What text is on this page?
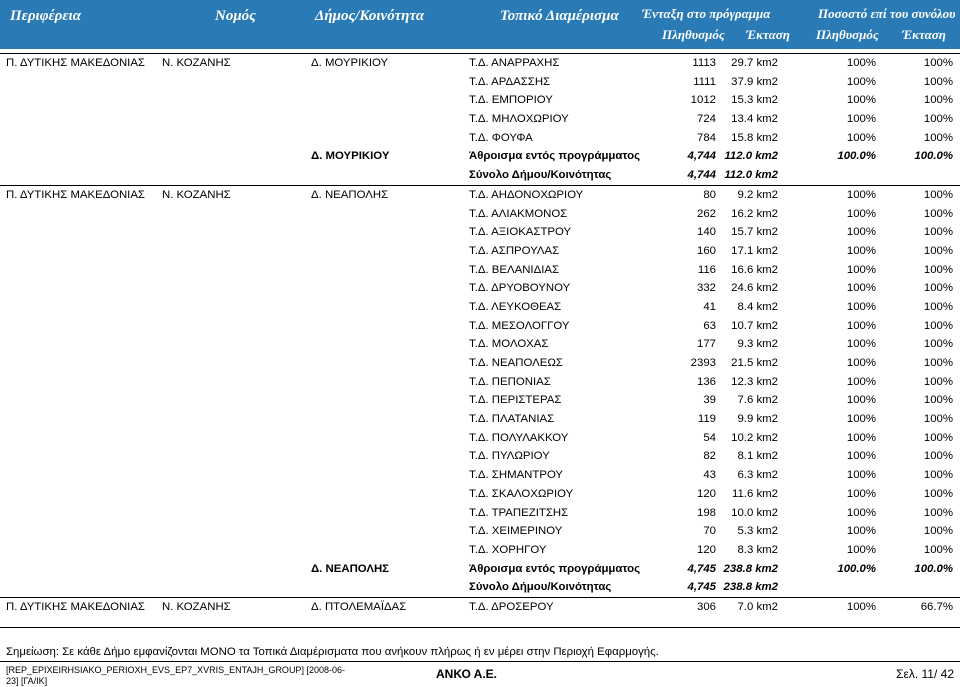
Περιφέρεια	Νομός	Δήμος/Κοινότητα	Τοπικό Διαμέρισμα Ένταξη στο πρόγραμμα	Ποσοστό επί του συνόλου
Πληθυσμός Έκταση Πληθυσμός Έκταση
Π. ΔΥΤΙΚΗΣ ΜΑΚΕΔΟΝΙΑΣ Ν. ΚΟΖΑΝΗΣ	Δ. ΜΟΥΡΙΚΙΟΥ	Τ.Δ. ΑΝΑΡΡΑΧΗΣ	1113 29.7 km2	100%	100%
Τ.Δ. ΑΡΔΑΣΣΗΣ	1111 37.9 km2	100%	100%
Τ.Δ. ΕΜΠΟΡΙΟΥ	1012 15.3 km2	100%	100%
Τ.Δ. ΜΗΛΟΧΩΡΙΟΥ	724 13.4 km2	100%	100%
Τ.Δ. ΦΟΥΦΑ	784 15.8 km2	100%	100%
Δ. ΜΟΥΡΙΚΙΟΥ	Άθροισμα εντός προγράμματος	4,744 112.0 km2	100.0%	100.0%
Σύνολο Δήμου/Κοινότητας	4,744 112.0 km2
Π. ΔΥΤΙΚΗΣ ΜΑΚΕΔΟΝΙΑΣ Ν. ΚΟΖΑΝΗΣ	Δ. ΝΕΑΠΟΛΗΣ	Τ.Δ. ΑΗΔΟΝΟΧΩΡΙΟΥ	80 9.2 km2	100%	100%
Τ.Δ. ΑΛΙΑΚΜΟΝΟΣ	262 16.2 km2	100%	100%
Τ.Δ. ΑΞΙΟΚΑΣΤΡΟΥ	140 15.7 km2	100%	100%
Τ.Δ. ΑΣΠΡΟΥΛΑΣ	160 17.1 km2	100%	100%
Τ.Δ. ΒΕΛΑΝΙΔΙΑΣ	116 16.6 km2	100%	100%
Τ.Δ. ΔΡΥΟΒΟΥΝΟΥ	332 24.6 km2	100%	100%
Τ.Δ. ΛΕΥΚΟΘΕΑΣ	41 8.4 km2	100%	100%
Τ.Δ. ΜΕΣΟΛΟΓΓΟΥ	63 10.7 km2	100%	100%
Τ.Δ. ΜΟΛΟΧΑΣ	177 9.3 km2	100%	100%
Τ.Δ. ΝΕΑΠΟΛΕΩΣ	2393 21.5 km2	100%	100%
Τ.Δ. ΠΕΠΟΝΙΑΣ	136 12.3 km2	100%	100%
Τ.Δ. ΠΕΡΙΣΤΕΡΑΣ	39 7.6 km2	100%	100%
Τ.Δ. ΠΛΑΤΑΝΙΑΣ	119 9.9 km2	100%	100%
Τ.Δ. ΠΟΛΥΛΑΚΚΟΥ	54 10.2 km2	100%	100%
Τ.Δ. ΠΥΛΩΡΙΟΥ	82 8.1 km2	100%	100%
Τ.Δ. ΣΗΜΑΝΤΡΟΥ	43 6.3 km2	100%	100%
Τ.Δ. ΣΚΑΛΟΧΩΡΙΟΥ	120 11.6 km2	100%	100%
Τ.Δ. ΤΡΑΠΕΖΙΤΣΗΣ	198 10.0 km2	100%	100%
Τ.Δ. ΧΕΙΜΕΡΙΝΟΥ	70 5.3 km2	100%	100%
Τ.Δ. ΧΟΡΗΓΟΥ	120 8.3 km2	100%	100%
Δ. ΝΕΑΠΟΛΗΣ	Άθροισμα εντός προγράμματος	4,745 238.8 km2	100.0%	100.0%
Σύνολο Δήμου/Κοινότητας	4,745 238.8 km2
Π. ΔΥΤΙΚΗΣ ΜΑΚΕΔΟΝΙΑΣ Ν. ΚΟΖΑΝΗΣ	Δ. ΠΤΟΛΕΜΑΪΔΑΣ	Τ.Δ. ΔΡΟΣΕΡΟΥ	306 7.0 km2	100%	66.7%
Σημείωση: Σε κάθε Δήμο εμφανίζονται ΜΟΝΟ τα Τοπικά Διαμέρισματα που ανήκουν πλήρως ή εν μέρει στην Περιοχή Εφαρμογής.
[REP_EPIXEIRHSIAKO_PERIOXH_EVS_EP7_XVRIS_ENTAJH_GROUP] [2008-06-23] [ΓΑ/ΙΚ]	ΑΝΚΟ Α.Ε.	Σελ. 11/ 42
